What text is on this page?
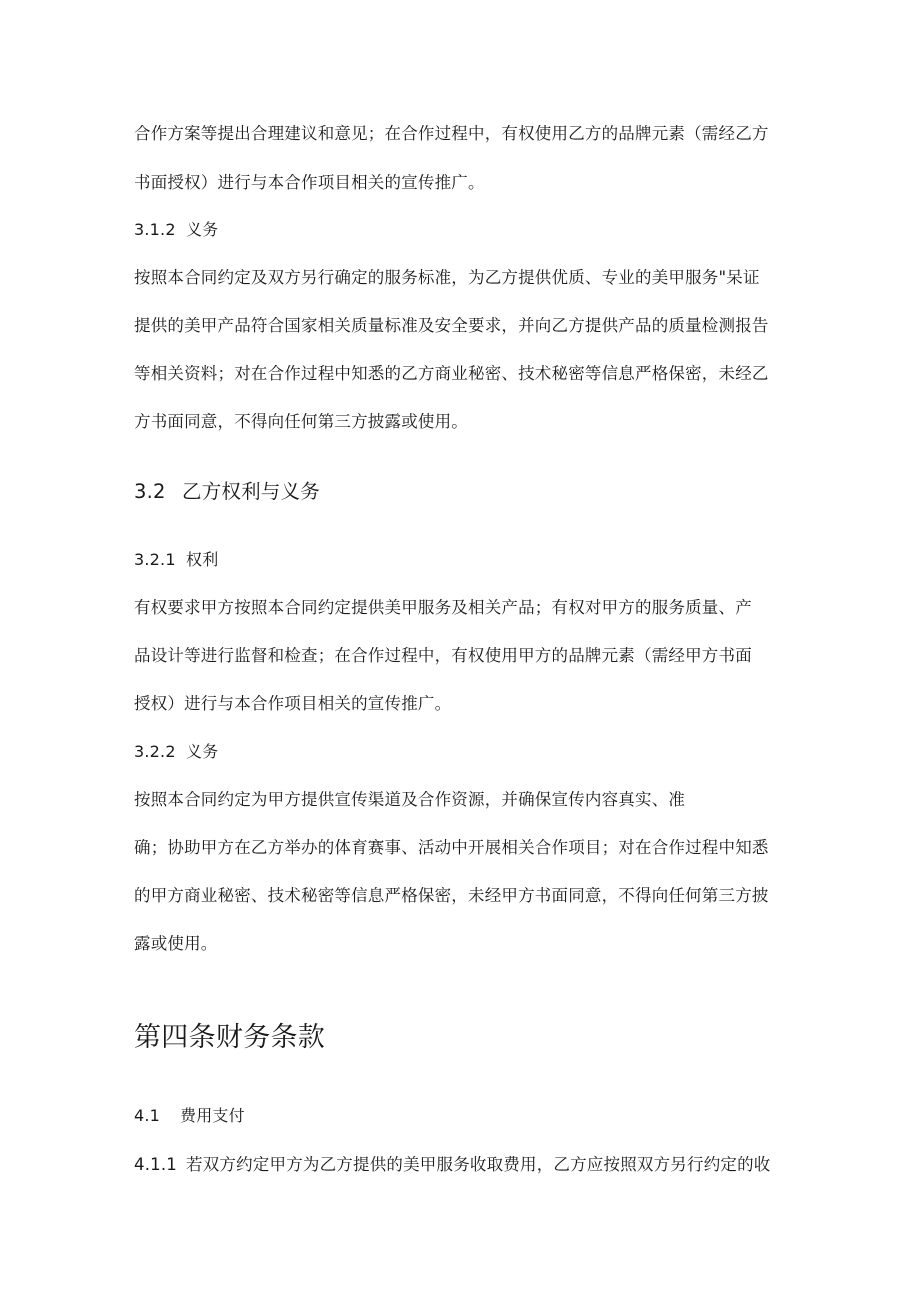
合作方案等提出合理建议和意见；在合作过程中，有权使用乙方的品牌元素（需经乙方
书面授权）进行与本合作项目相关的宣传推广。
3.1.2 义务
按照本合同约定及双方另行确定的服务标准，为乙方提供优质、专业的美甲服务"呆证
提供的美甲产品符合国家相关质量标准及安全要求，并向乙方提供产品的质量检测报告
等相关资料；对在合作过程中知悉的乙方商业秘密、技术秘密等信息严格保密，未经乙
方书面同意，不得向任何第三方披露或使用。
3.2 乙方权利与义务
3.2.1 权利
有权要求甲方按照本合同约定提供美甲服务及相关产品；有权对甲方的服务质量、产
品设计等进行监督和检查；在合作过程中，有权使用甲方的品牌元素（需经甲方书面
授权）进行与本合作项目相关的宣传推广。
3.2.2 义务
按照本合同约定为甲方提供宣传渠道及合作资源，并确保宣传内容真实、准
确；协助甲方在乙方举办的体育赛事、活动中开展相关合作项目；对在合作过程中知悉
的甲方商业秘密、技术秘密等信息严格保密，未经甲方书面同意，不得向任何第三方披
露或使用。
第四条财务条款
4.1 费用支付
4.1.1 若双方约定甲方为乙方提供的美甲服务收取费用，乙方应按照双方另行约定的收
